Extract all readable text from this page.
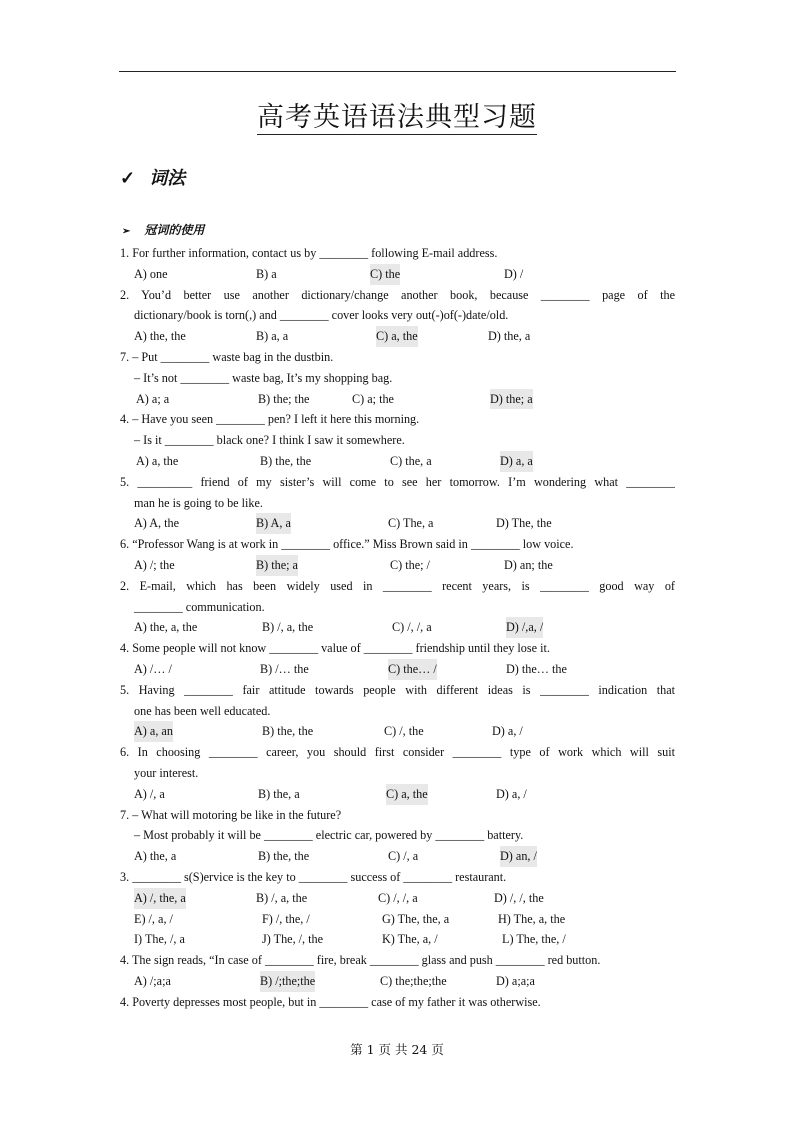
高考英语语法典型习题
✓ 词法
➢ 冠词的使用
1. For further information, contact us by ________ following E-mail address.
A) one	B) a	C) the	D) /
2. You’d better use another dictionary/change another book, because ________ page of the
dictionary/book is torn(,) and ________ cover looks very out(-)of(-)date/old.
A) the, the	B) a, a	C) a, the	D) the, a
7. – Put ________ waste bag in the dustbin.
– It’s not ________ waste bag, It’s my shopping bag.
A) a; a	B) the; the	C) a; the	D) the; a
4. – Have you seen ________ pen? I left it here this morning.
– Is it ________ black one? I think I saw it somewhere.
A) a, the	B) the, the	C) the, a	D) a, a
5. _________ friend of my sister’s will come to see her tomorrow. I’m wondering what ________
man he is going to be like.
A) A, the	B) A, a	C) The, a	D) The, the
6. “Professor Wang is at work in ________ office.” Miss Brown said in ________ low voice.
A) /; the	B) the; a	C) the; /	D) an; the
2. E-mail, which has been widely used in ________ recent years, is ________ good way of
________ communication.
A) the, a, the	B) /, a, the	C) /, /, a	D) /,a, /
4. Some people will not know ________ value of ________ friendship until they lose it.
A) /… /	B) /… the	C) the… /	D) the… the
5. Having ________ fair attitude towards people with different ideas is ________ indication that
one has been well educated.
A) a, an	B) the, the	C) /, the	D) a, /
6. In choosing ________ career, you should first consider ________ type of work which will suit
your interest.
A) /, a	B) the, a	C) a, the	D) a, /
7. – What will motoring be like in the future?
– Most probably it will be ________ electric car, powered by ________ battery.
A) the, a	B) the, the	C) /, a	D) an, /
3. ________ s(S)ervice is the key to ________ success of ________ restaurant.
A) /, the, a	B) /, a, the	C) /, /, a	D) /, /, the
E) /, a, /	F) /, the, /	G) The, the, a	H) The, a, the
I) The, /, a	J) The, /, the	K) The, a, /	L) The, the, /
4. The sign reads, “In case of ________ fire, break ________ glass and push ________ red button.
A) /;a;a	B) /;the;the	C) the;the;the	D) a;a;a
4. Poverty depresses most people, but in ________ case of my father it was otherwise.
第 1 页 共 24 页
